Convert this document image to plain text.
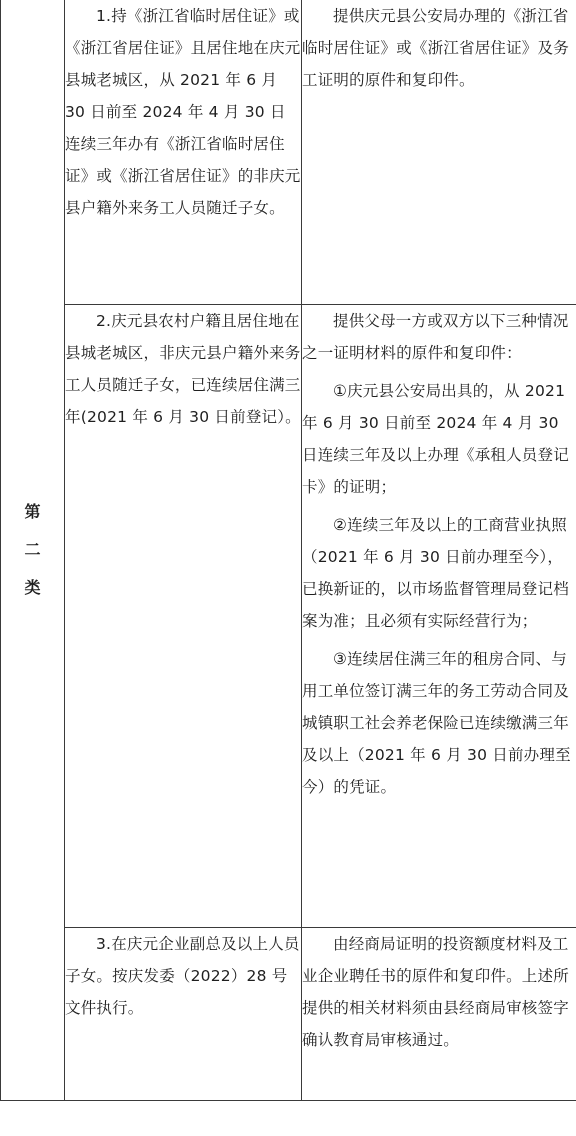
第二类	1.持《浙江省临时居住证》或《浙江省居住证》且居住地在庆元县城老城区，从 2021 年 6 月 30 日前至 2024 年 4 月 30 日连续三年办有《浙江省临时居住证》或《浙江省居住证》的非庆元县户籍外来务工人员随迁子女。	提供庆元县公安局办理的《浙江省临时居住证》或《浙江省居住证》及务工证明的原件和复印件。

	2.庆元县农村户籍且居住地在县城老城区，非庆元县户籍外来务工人员随迁子女，已连续居住满三年(2021 年 6 月 30 日前登记）。	提供父母一方或双方以下三种情况之一证明材料的原件和复印件：

①庆元县公安局出具的，从 2021 年 6 月 30 日前至 2024 年 4 月 30 日连续三年及以上办理《承租人员登记卡》的证明；

②连续三年及以上的工商营业执照（2021 年 6 月 30 日前办理至今），已换新证的，以市场监督管理局登记档案为准；且必须有实际经营行为；

③连续居住满三年的租房合同、与用工单位签订满三年的务工劳动合同及城镇职工社会养老保险已连续缴满三年及以上（2021 年 6 月 30 日前办理至今）的凭证。

	3.在庆元企业副总及以上人员子女。按庆发委（2022）28 号文件执行。	由经商局证明的投资额度材料及工业企业聘任书的原件和复印件。上述所提供的相关材料须由县经商局审核签字确认教育局审核通过。
